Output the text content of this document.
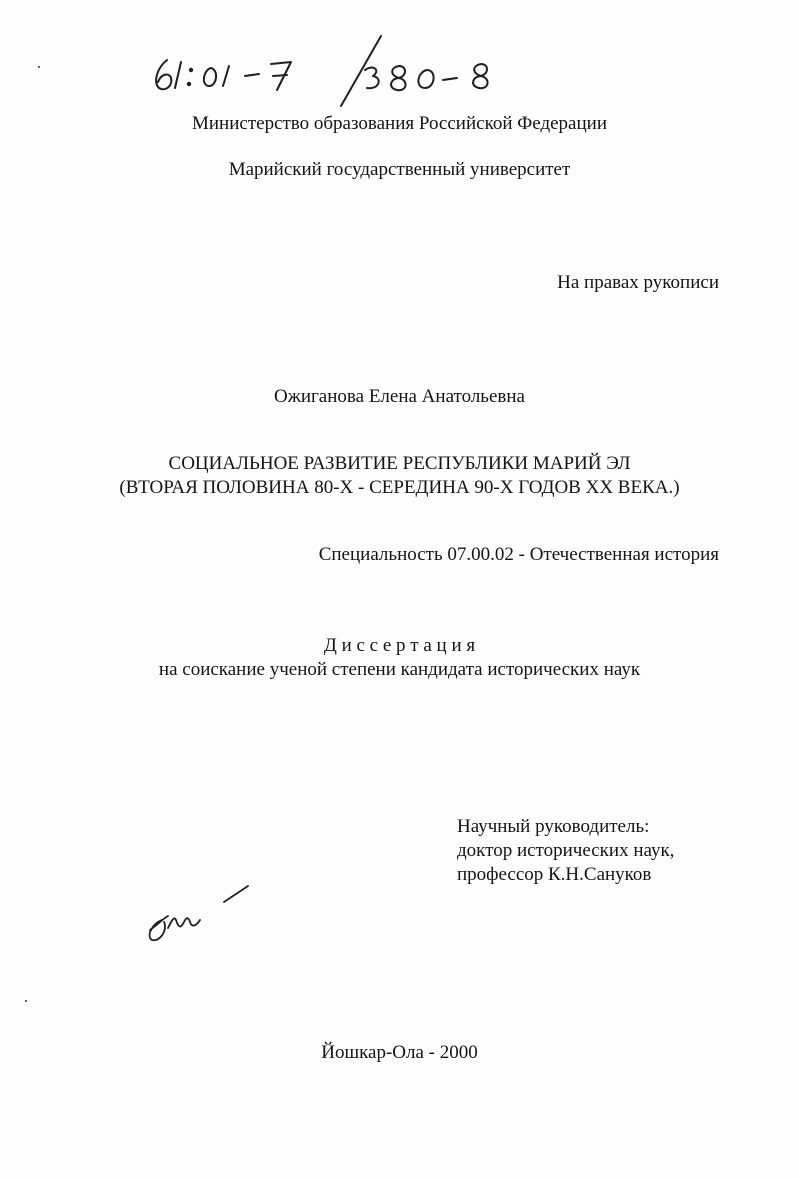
Министерство образования Российской Федерации
Марийский государственный университет
На правах рукописи
Ожиганова Елена Анатольевна
СОЦИАЛЬНОЕ РАЗВИТИЕ РЕСПУБЛИКИ МАРИЙ ЭЛ
(ВТОРАЯ ПОЛОВИНА 80-Х - СЕРЕДИНА 90-Х ГОДОВ ХХ ВЕКА.)
Специальность 07.00.02 - Отечественная история
Д и с с е р т а ц и я
на соискание ученой степени кандидата исторических наук
Научный руководитель:
доктор исторических наук,
профессор К.Н.Сануков
Йошкар-Ола - 2000
